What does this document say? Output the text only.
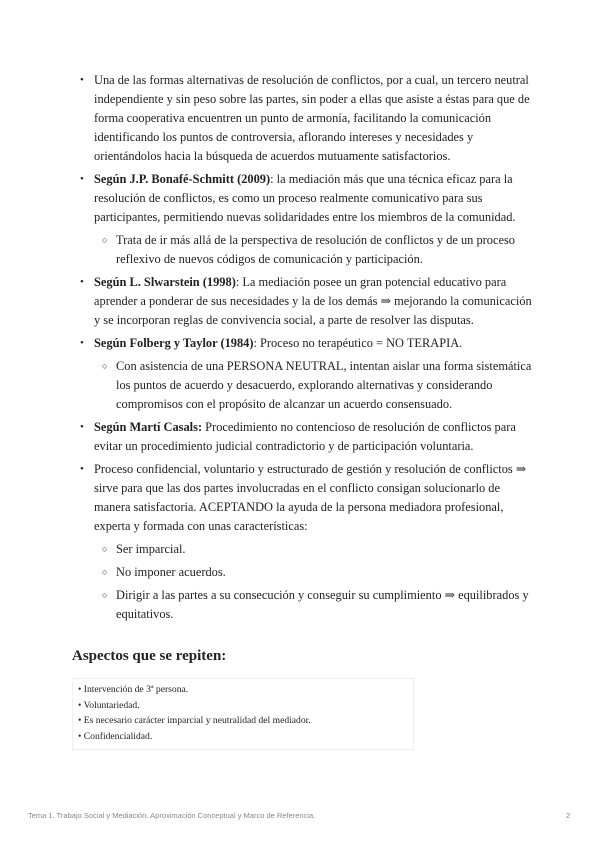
• Una de las formas alternativas de resolución de conflictos, por a cual, un tercero neutral
independiente y sin peso sobre las partes, sin poder a ellas que asiste a éstas para que de
forma cooperativa encuentren un punto de armonía, facilitando la comunicación
identificando los puntos de controversia, aflorando intereses y necesidades y
orientándolos hacia la búsqueda de acuerdos mutuamente satisfactorios.
• Según J.P. Bonafé-Schmitt (2009): la mediación más que una técnica eficaz para la
resolución de conflictos, es como un proceso realmente comunicativo para sus
participantes, permitiendo nuevas solidaridades entre los miembros de la comunidad.
○ Trata de ir más allá de la perspectiva de resolución de conflictos y de un proceso
reflexivo de nuevos códigos de comunicación y participación.
• Según L. Slwarstein (1998): La mediación posee un gran potencial educativo para
aprender a ponderar de sus necesidades y la de los demás ⇒ mejorando la comunicación
y se incorporan reglas de convivencia social, a parte de resolver las disputas.
• Según Folberg y Taylor (1984): Proceso no terapéutico = NO TERAPIA.
○ Con asistencia de una PERSONA NEUTRAL, intentan aislar una forma sistemática
los puntos de acuerdo y desacuerdo, explorando alternativas y considerando
compromisos con el propósito de alcanzar un acuerdo consensuado.
• Según Martí Casals: Procedimiento no contencioso de resolución de conflictos para
evitar un procedimiento judicial contradictorio y de participación voluntaria.
• Proceso confidencial, voluntario y estructurado de gestión y resolución de conflictos ⇒
sirve para que las dos partes involucradas en el conflicto consigan solucionarlo de
manera satisfactoria. ACEPTANDO la ayuda de la persona mediadora profesional,
experta y formada con unas características:
○ Ser imparcial.
○ No imponer acuerdos.
○ Dirigir a las partes a su consecución y conseguir su cumplimiento ⇒ equilibrados y
equitativos.
Aspectos que se repiten:
• Intervención de 3ª persona.
• Voluntariedad.
• Es necesario carácter imparcial y neutralidad del mediador.
• Confidencialidad.
Tema 1. Trabajo Social y Mediación. Aproximación Conceptual y Marco de Referencia.	2
